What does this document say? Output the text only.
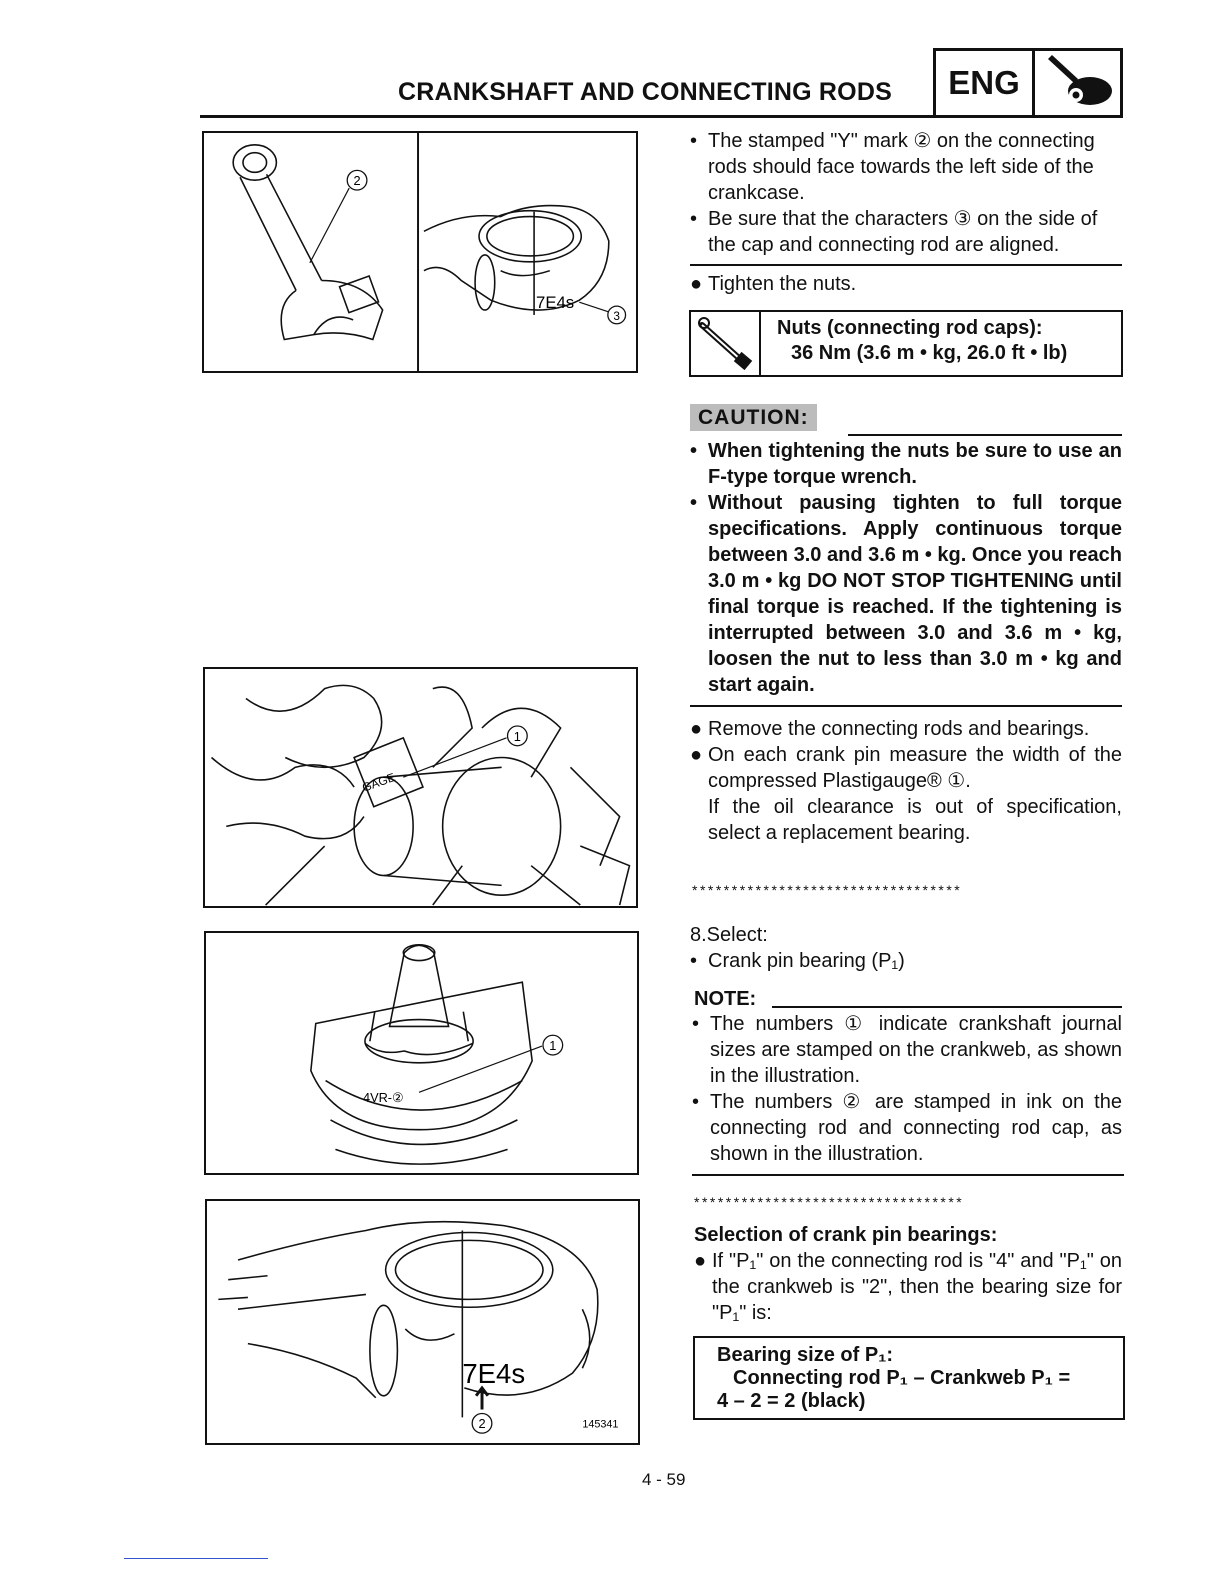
CRANKSHAFT AND CONNECTING RODS	ENG
2
7E4s
3

• The stamped "Y" mark ② on the connecting rods should face towards the left side of the crankcase.

• Be sure that the characters ③ on the side of the cap and connecting rod are aligned.

● Tighten the nuts.

Nuts (connecting rod caps):
36 Nm (3.6 m • kg, 26.0 ft • lb)
CAUTION:

• When tightening the nuts be sure to use an F-type torque wrench.

• Without pausing tighten to full torque specifications. Apply continuous torque between 3.0 and 3.6 m • kg. Once you reach 3.0 m • kg DO NOT STOP TIGHTENING until final torque is reached. If the tightening is interrupted between 3.0 and 3.6 m • kg, loosen the nut to less than 3.0 m • kg and start again.

● Remove the connecting rods and bearings.

● On each crank pin measure the width of the compressed Plastigauge® ①.

If the oil clearance is out of specification, select a replacement bearing.

**********************************
GAGE
1

8.Select:

• Crank pin bearing (P₁)

NOTE:

• The numbers ① indicate crankshaft journal sizes are stamped on the crankweb, as shown in the illustration.

• The numbers ② are stamped in ink on the connecting rod and connecting rod cap, as shown in the illustration.

**********************************
4VR-②
1

Selection of crank pin bearings:

● If "P₁" on the connecting rod is "4" and "P₁" on the crankweb is "2", then the bearing size for "P₁" is:

Bearing size of P₁:
Connecting rod P₁ – Crankweb P₁ =
4 – 2 = 2 (black)
7E4s
2	145341
4 - 59
